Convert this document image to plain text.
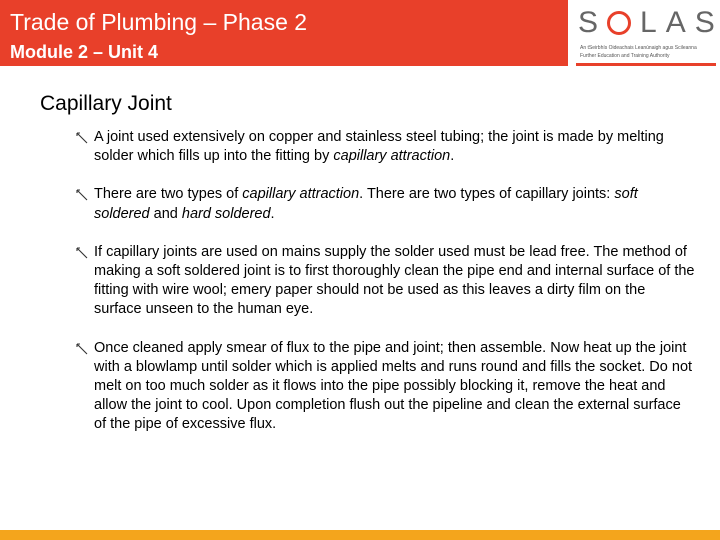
Trade of Plumbing – Phase 2
Module 2 – Unit 4
S L A S
An tSeirbhís Oideachais Leanúnaigh agus Scileanna
Further Education and Training Authority
Capillary Joint
A joint used extensively on copper and stainless steel tubing; the joint is made by melting solder which fills up into the fitting by capillary attraction.
There are two types of capillary attraction. There are two types of capillary joints: soft soldered and hard soldered.
If capillary joints are used on mains supply the solder used must be lead free. The method of making a soft soldered joint is to first thoroughly clean the pipe end and internal surface of the fitting with wire wool; emery paper should not be used as this leaves a dirty film on the surface unseen to the human eye.
Once cleaned apply smear of flux to the pipe and joint; then assemble. Now heat up the joint with a blowlamp until solder which is applied melts and runs round and fills the socket. Do not melt on too much solder as it flows into the pipe possibly blocking it, remove the heat and allow the joint to cool. Upon completion flush out the pipeline and clean the external surface of the pipe of excessive flux.
